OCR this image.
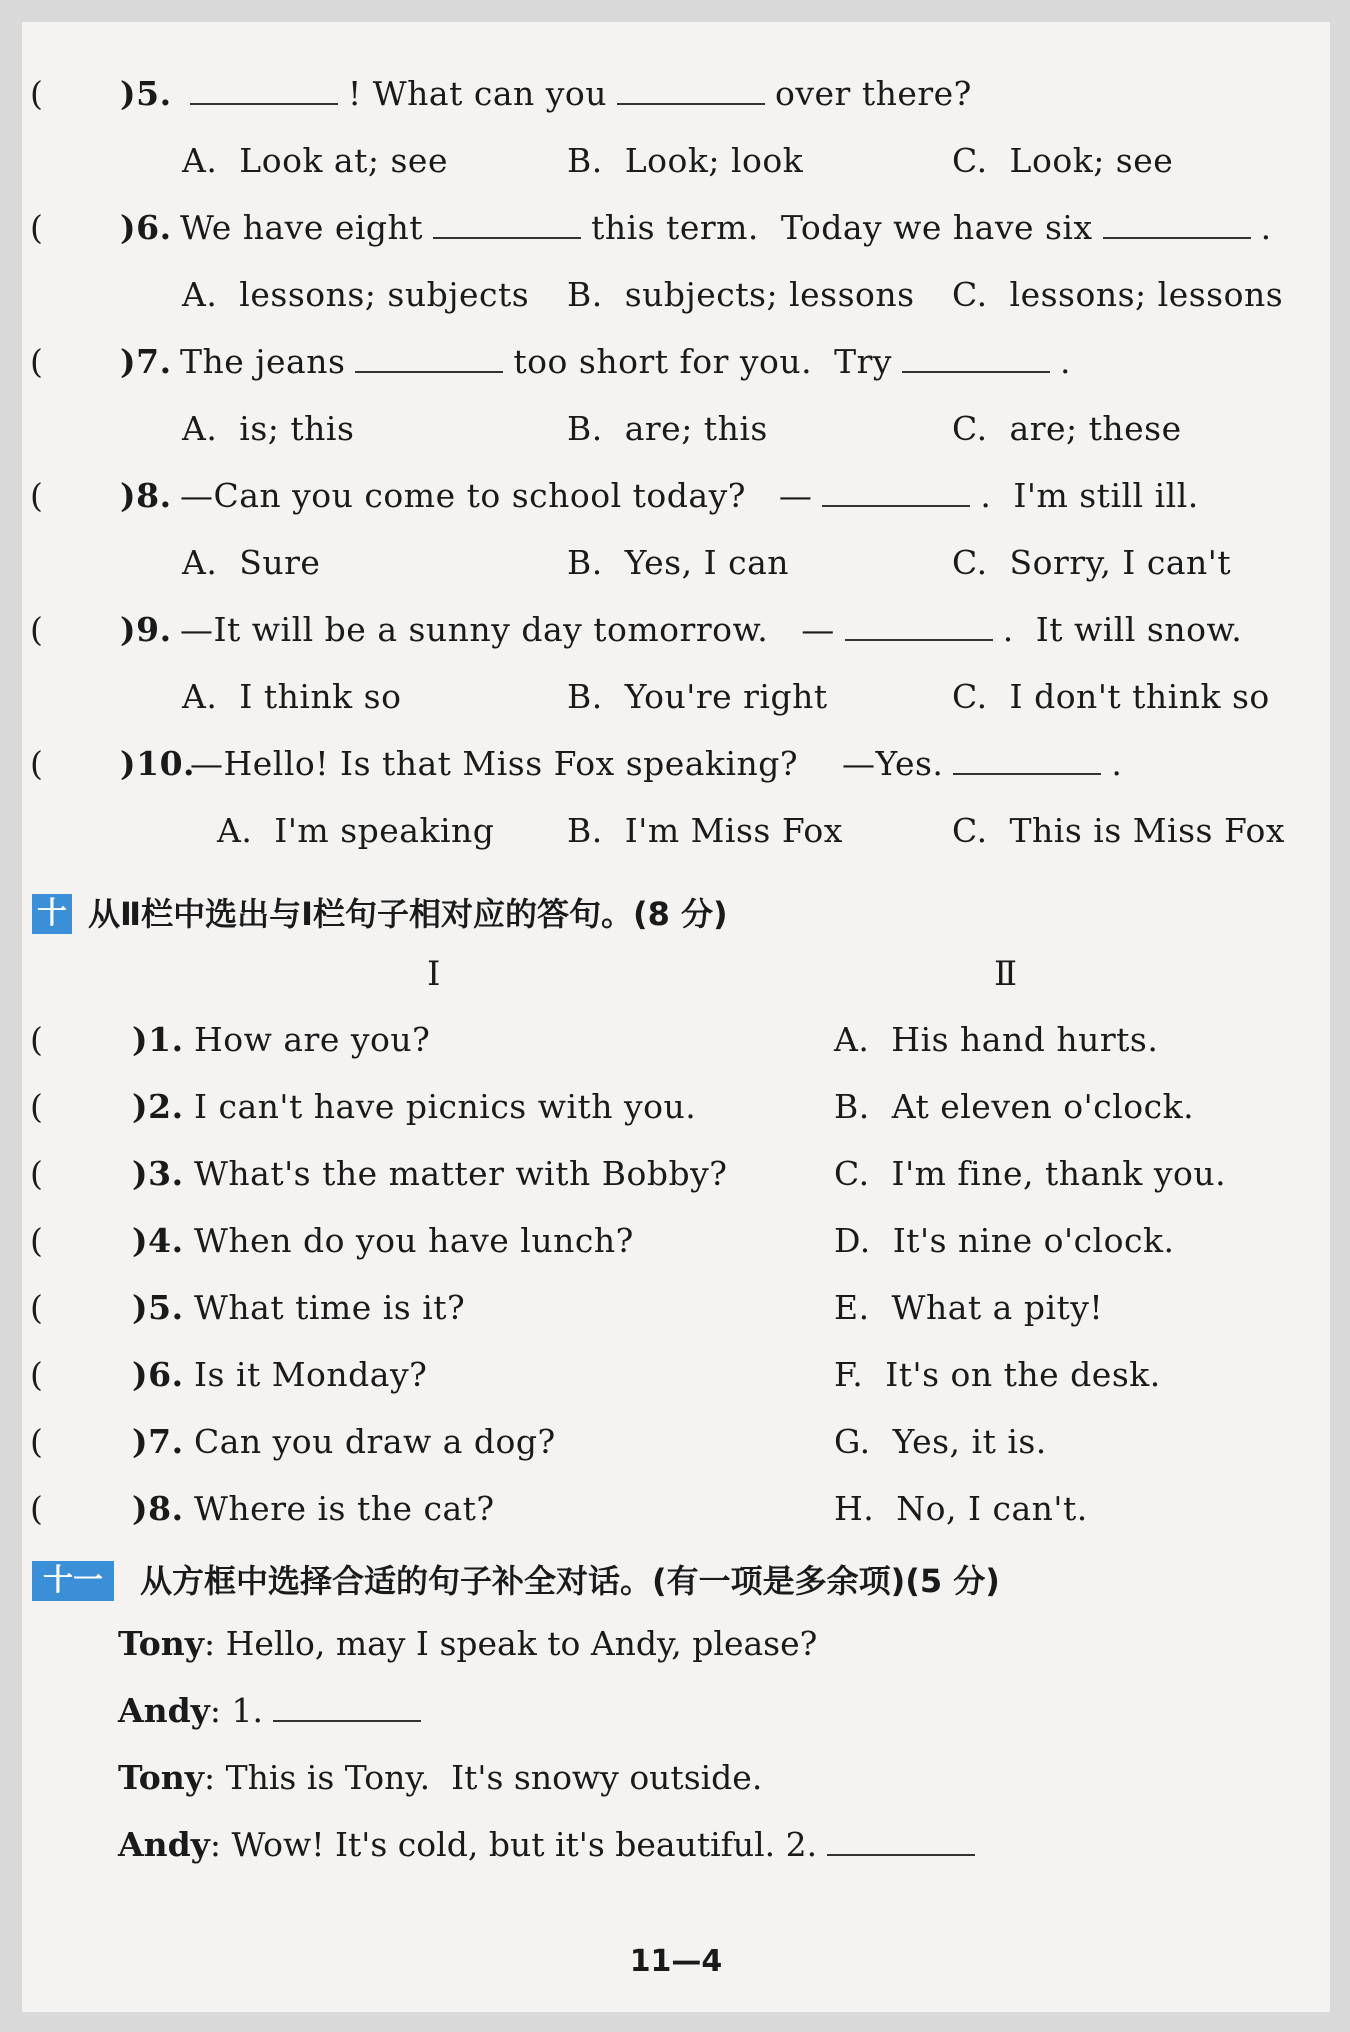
( )5.	! What can you	over there?
A.  Look at; see	B.  Look; look	C.  Look; see
( )6. We have eight	this term.  Today we have six	.
A.  lessons; subjects B.  subjects; lessons C.  lessons; lessons
( )7. The jeans	too short for you.  Try	.
A.  is; this	B.  are; this	C.  are; these
( )8. —Can you come to school today?   —	.  I'm still ill.
A.  Sure	B.  Yes, I can	C.  Sorry, I can't
( )9. —It will be a sunny day tomorrow.   —	.  It will snow.
A.  I think so	B.  You're right	C.  I don't think so
( )10.
—Hello! Is that Miss Fox speaking?    —Yes.	.
A.  I'm speaking B.  I'm Miss Fox	C.  This is Miss Fox
十 从Ⅱ栏中选出与Ⅰ栏句子相对应的答句。(8 分)
Ⅰ	Ⅱ
(	)1. How are you?	A.  His hand hurts.
(	)2. I can't have picnics with you.	B.  At eleven o'clock.
(	)3. What's the matter with Bobby?	C.  I'm fine, thank you.
(	)4. When do you have lunch?	D.  It's nine o'clock.
(	)5. What time is it?	E.  What a pity!
(	)6. Is it Monday?	F.  It's on the desk.
(	)7. Can you draw a dog?	G.  Yes, it is.
(	)8. Where is the cat?	H.  No, I can't.
十一	从方框中选择合适的句子补全对话。(有一项是多余项)(5 分)
Tony: Hello, may I speak to Andy, please?
Andy: 1.
Tony: This is Tony.  It's snowy outside.
Andy: Wow! It's cold, but it's beautiful. 2.
11—4
